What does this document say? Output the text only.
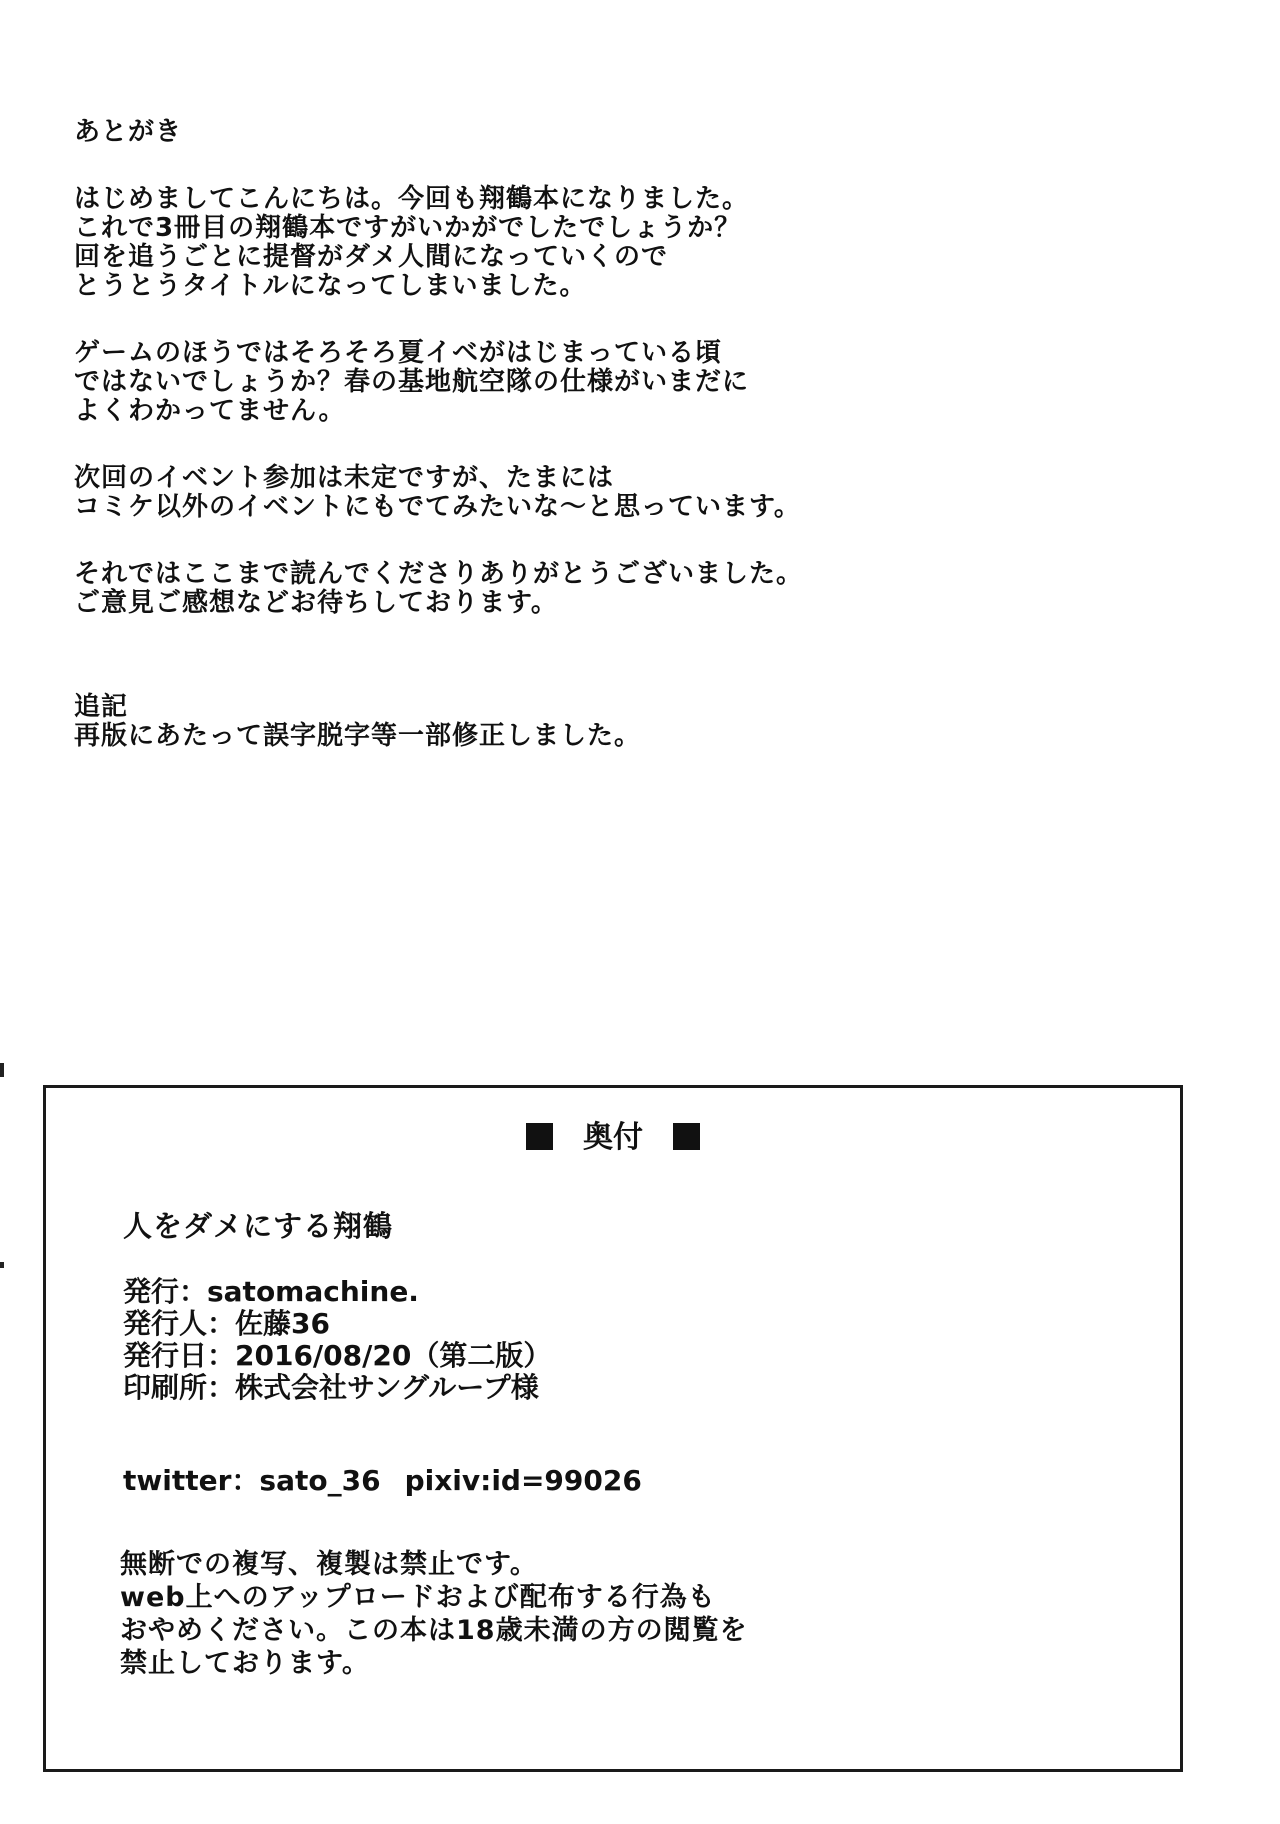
あとがき
はじめましてこんにちは。今回も翔鶴本になりました。
これで3冊目の翔鶴本ですがいかがでしたでしょうか？
回を追うごとに提督がダメ人間になっていくので
とうとうタイトルになってしまいました。
ゲームのほうではそろそろ夏イベがはじまっている頃
ではないでしょうか？春の基地航空隊の仕様がいまだに
よくわかってません。
次回のイベント参加は未定ですが、たまには
コミケ以外のイベントにもでてみたいな〜と思っています。
それではここまで読んでくださりありがとうございました。
ご意見ご感想などお待ちしております。
追記
再版にあたって誤字脱字等一部修正しました。
奥付
人をダメにする翔鶴
発行：satomachine.
発行人：佐藤36
発行日：2016/08/20（第二版）
印刷所：株式会社サングループ様
twitter：sato_36 pixiv:id=99026
無断での複写、複製は禁止です。
web上へのアップロードおよび配布する行為も
おやめください。この本は18歳未満の方の閲覧を
禁止しております。
